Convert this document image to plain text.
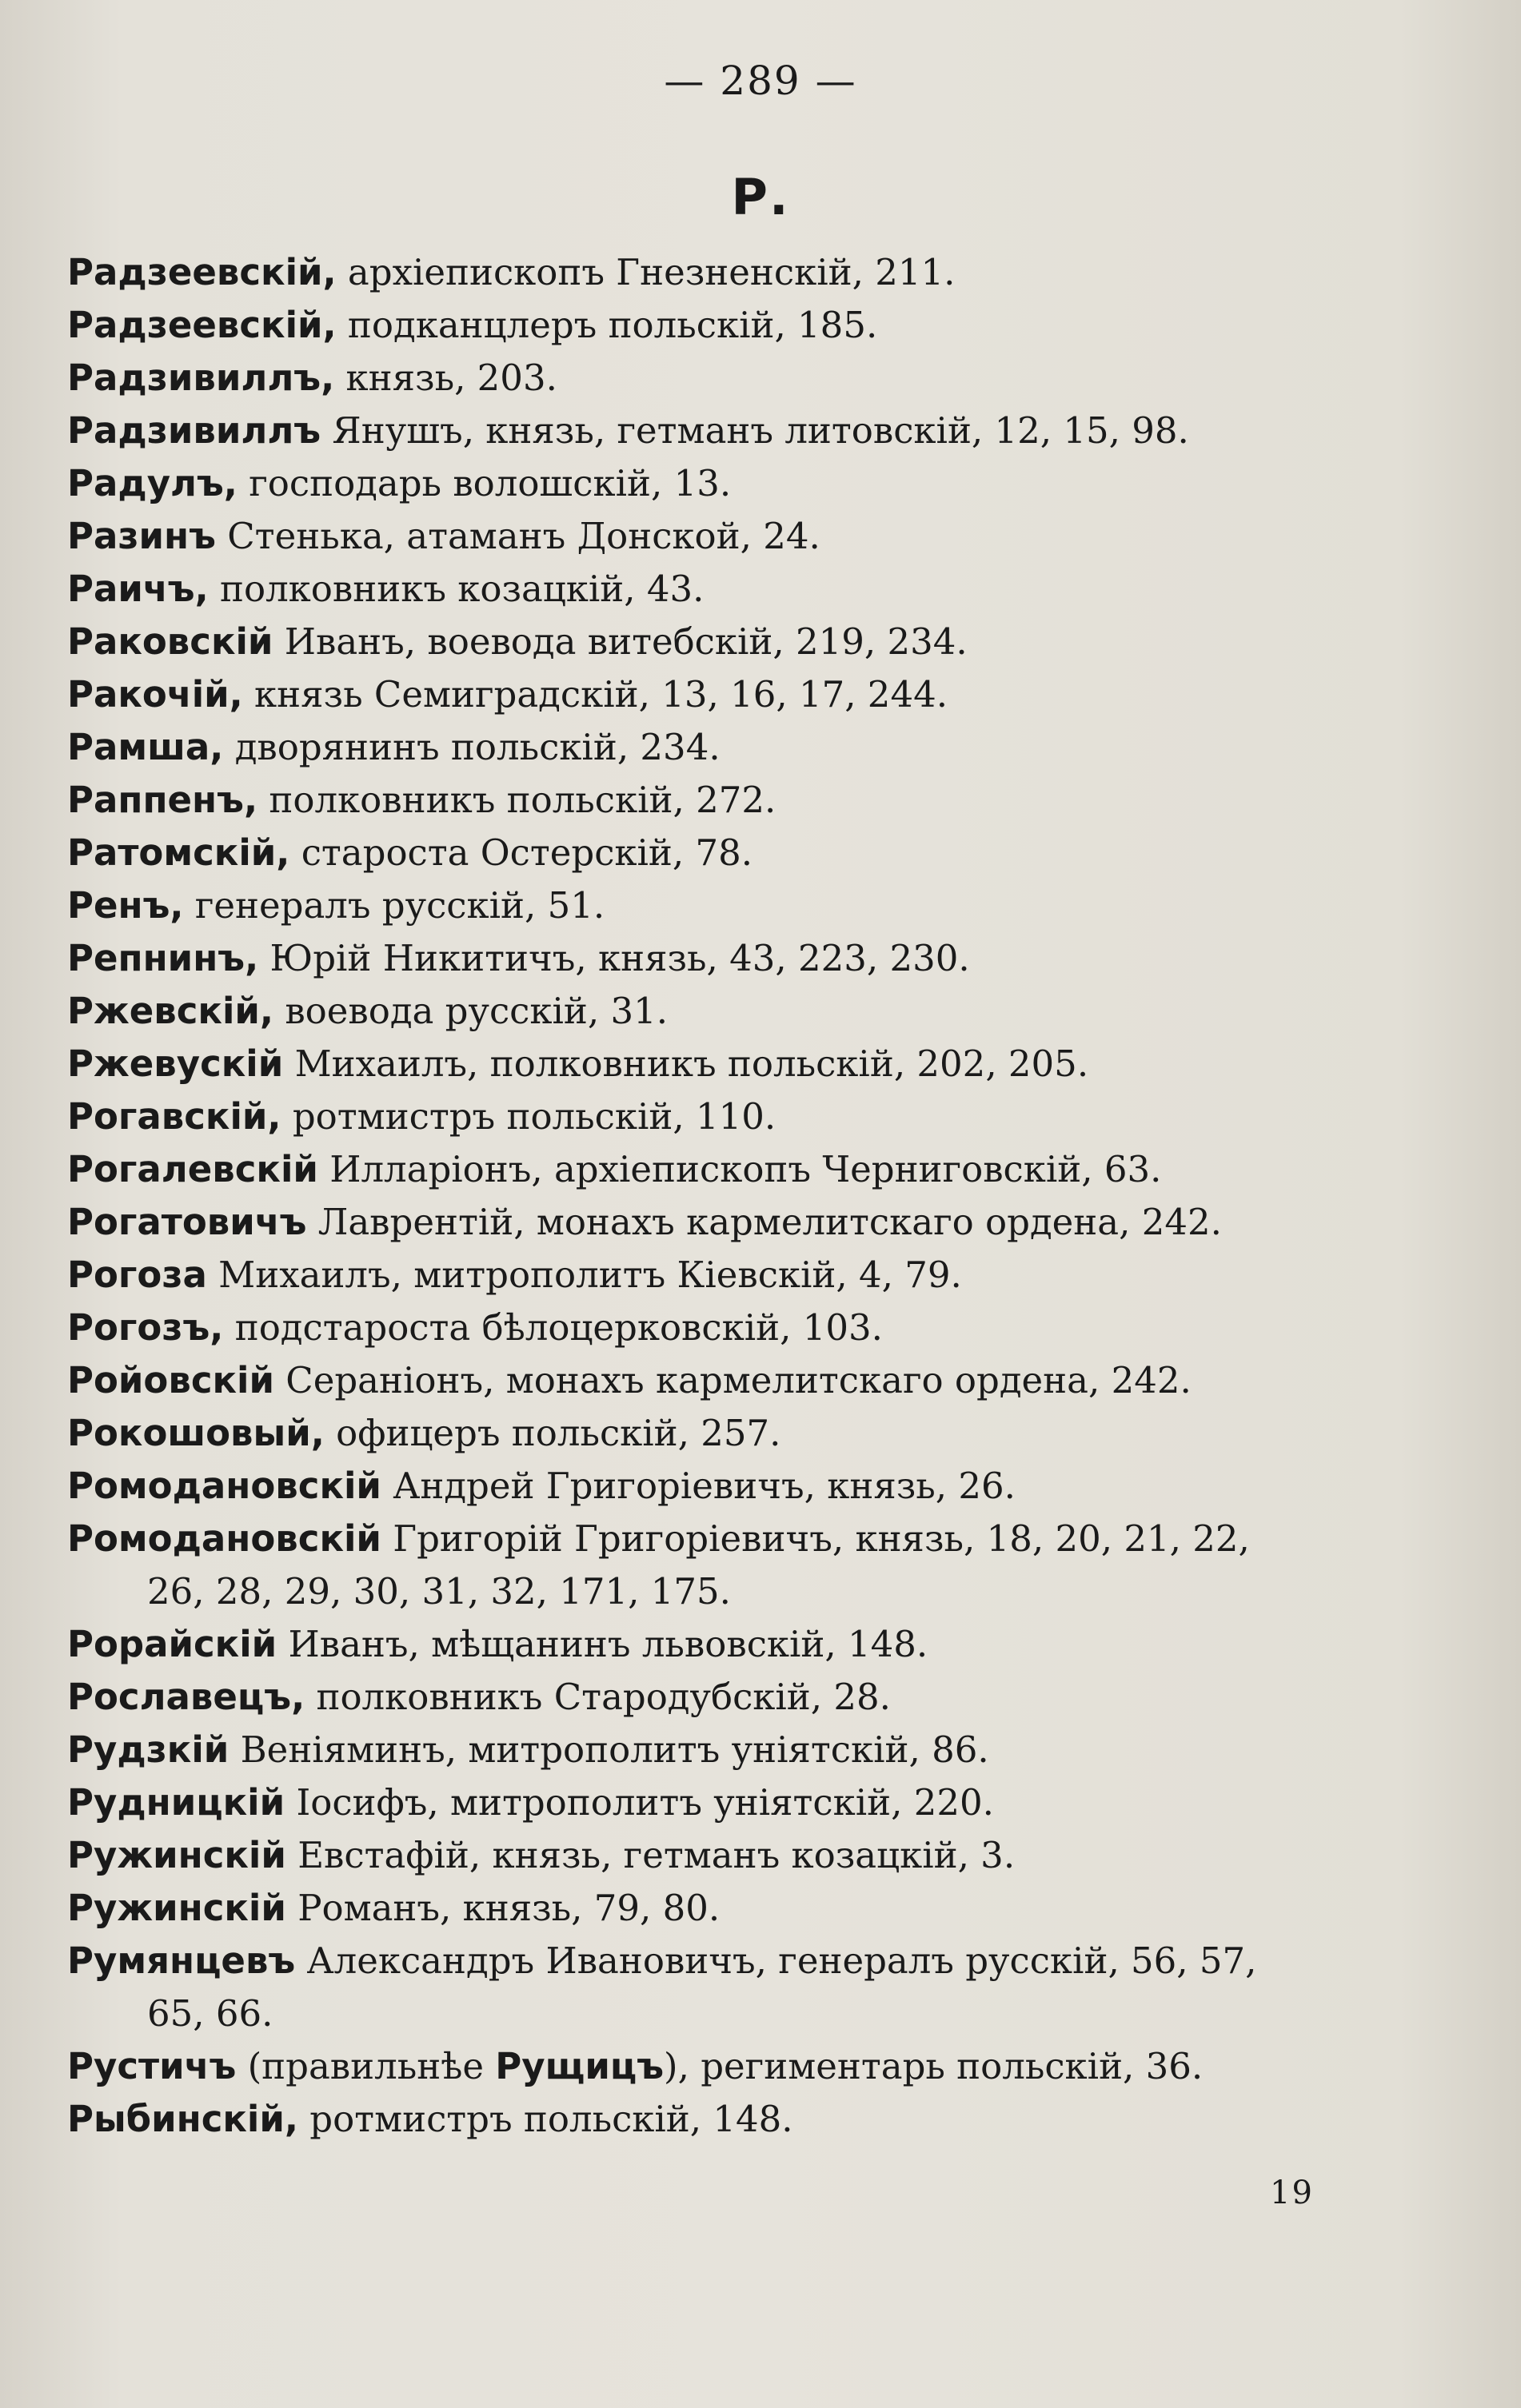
— 289 —
Р.
Радзеевскій, архіепископъ Гнезненскій, 211.
Радзеевскій, подканцлеръ польскій, 185.
Радзивиллъ, князь, 203.
Радзивиллъ Янушъ, князь, гетманъ литовскій, 12, 15, 98.
Радулъ, господарь волошскій, 13.
Разинъ Стенька, атаманъ Донской, 24.
Раичъ, полковникъ козацкій, 43.
Раковскій Иванъ, воевода витебскій, 219, 234.
Ракочій, князь Семиградскій, 13, 16, 17, 244.
Рамша, дворянинъ польскій, 234.
Раппенъ, полковникъ польскій, 272.
Ратомскій, староста Остерскій, 78.
Ренъ, генералъ русскій, 51.
Репнинъ, Юрій Никитичъ, князь, 43, 223, 230.
Ржевскій, воевода русскій, 31.
Ржевускій Михаилъ, полковникъ польскій, 202, 205.
Рогавскій, ротмистръ польскій, 110.
Рогалевскій Илларіонъ, архіепископъ Черниговскій, 63.
Рогатовичъ Лаврентій, монахъ кармелитскаго ордена, 242.
Рогоза Михаилъ, митрополитъ Кіевскій, 4, 79.
Рогозъ, подстароста бѣлоцерковскій, 103.
Ройовскій Сераніонъ, монахъ кармелитскаго ордена, 242.
Рокошовый, офицеръ польскій, 257.
Ромодановскій Андрей Григоріевичъ, князь, 26.
Ромодановскій Григорій Григоріевичъ, князь, 18, 20, 21, 22,
26, 28, 29, 30, 31, 32, 171, 175.
Рорайскій Иванъ, мѣщанинъ львовскій, 148.
Рославецъ, полковникъ Стародубскій, 28.
Рудзкій Веніяминъ, митрополитъ уніятскій, 86.
Рудницкій Іосифъ, митрополитъ уніятскій, 220.
Ружинскій Евстафій, князь, гетманъ козацкій, 3.
Ружинскій Романъ, князь, 79, 80.
Румянцевъ Александръ Ивановичъ, генералъ русскій, 56, 57,
65, 66.
Рустичъ (правильнѣе Рущицъ), региментарь польскій, 36.
Рыбинскій, ротмистръ польскій, 148.
19
